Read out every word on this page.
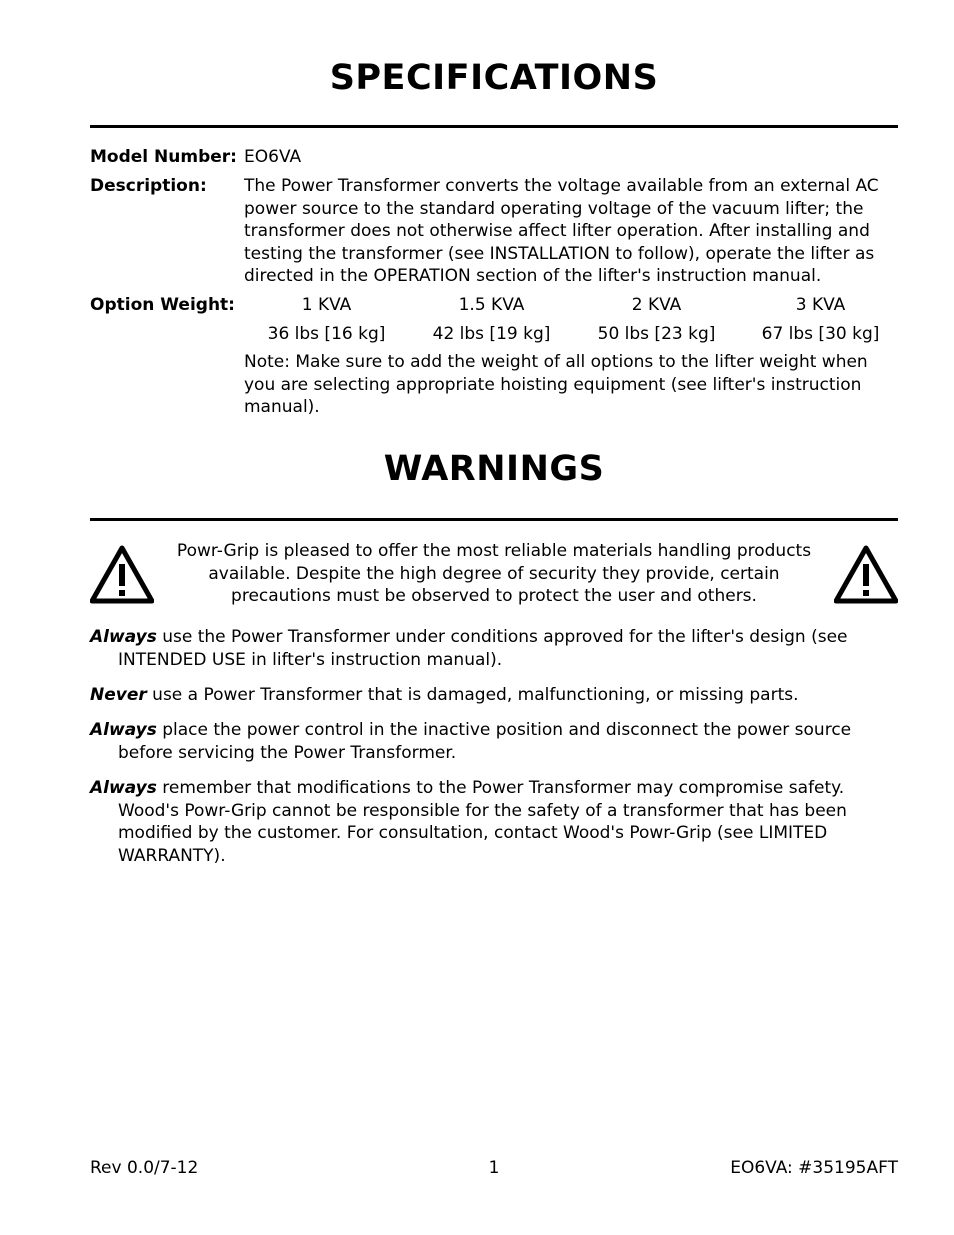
SPECIFICATIONS
Model Number: EO6VA
Description: The Power Transformer converts the voltage available from an external AC power source to the standard operating voltage of the vacuum lifter; the transformer does not otherwise affect lifter operation. After installing and testing the transformer (see INSTALLATION to follow), operate the lifter as directed in the OPERATION section of the lifter's instruction manual.
Option Weight:	1 KVA	1.5 KVA	2 KVA	3 KVA
36 lbs [16 kg]	42 lbs [19 kg]	50 lbs [23 kg]	67 lbs [30 kg]
Note: Make sure to add the weight of all options to the lifter weight when you are selecting appropriate hoisting equipment (see lifter's instruction manual).
WARNINGS
Powr-Grip is pleased to offer the most reliable materials handling products available. Despite the high degree of security they provide, certain precautions must be observed to protect the user and others.
Always use the Power Transformer under conditions approved for the lifter's design (see INTENDED USE in lifter's instruction manual).
Never use a Power Transformer that is damaged, malfunctioning, or missing parts.
Always place the power control in the inactive position and disconnect the power source before servicing the Power Transformer.
Always remember that modifications to the Power Transformer may compromise safety. Wood's Powr-Grip cannot be responsible for the safety of a transformer that has been modified by the customer. For consultation, contact Wood's Powr-Grip (see LIMITED WARRANTY).
Rev 0.0/7-12	1	EO6VA: #35195AFT
